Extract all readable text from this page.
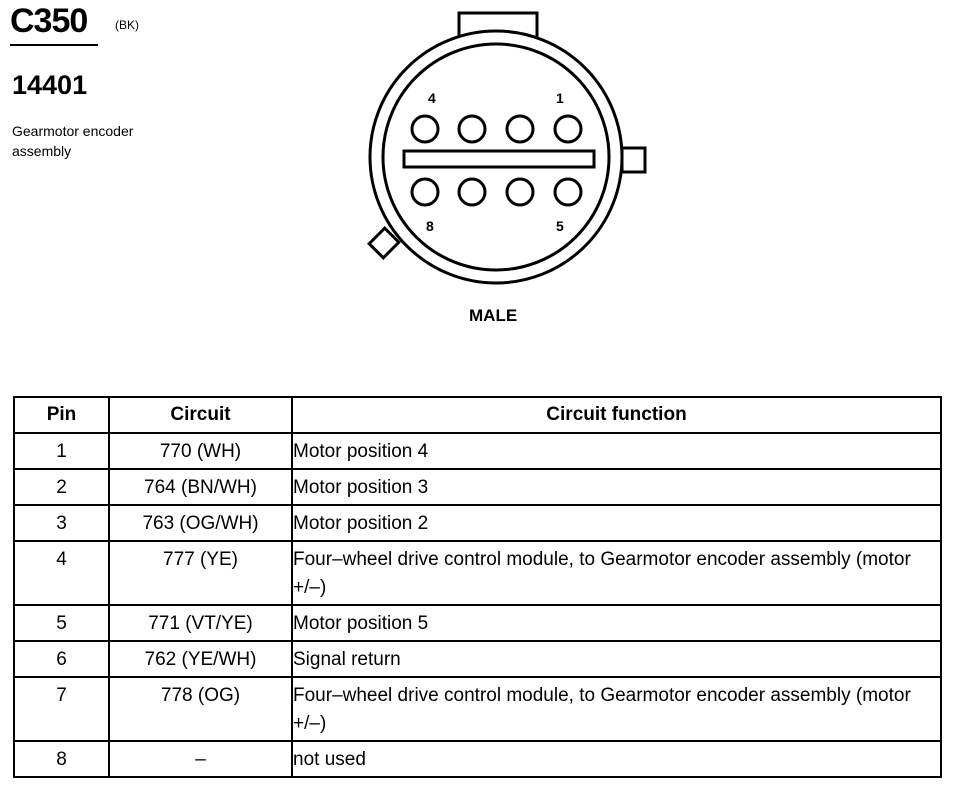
C350 (BK)
14401
Gearmotor encoder assembly
4	1
8	5
MALE
Pin	Circuit	Circuit function
1	770 (WH)	Motor position 4
2	764 (BN/WH)	Motor position 3
3	763 (OG/WH)	Motor position 2
4	777 (YE)	Four–wheel drive control module, to Gearmotor encoder assembly (motor +/–)
5	771 (VT/YE)	Motor position 5
6	762 (YE/WH)	Signal return
7	778 (OG)	Four–wheel drive control module, to Gearmotor encoder assembly (motor +/–)
8	–	not used
